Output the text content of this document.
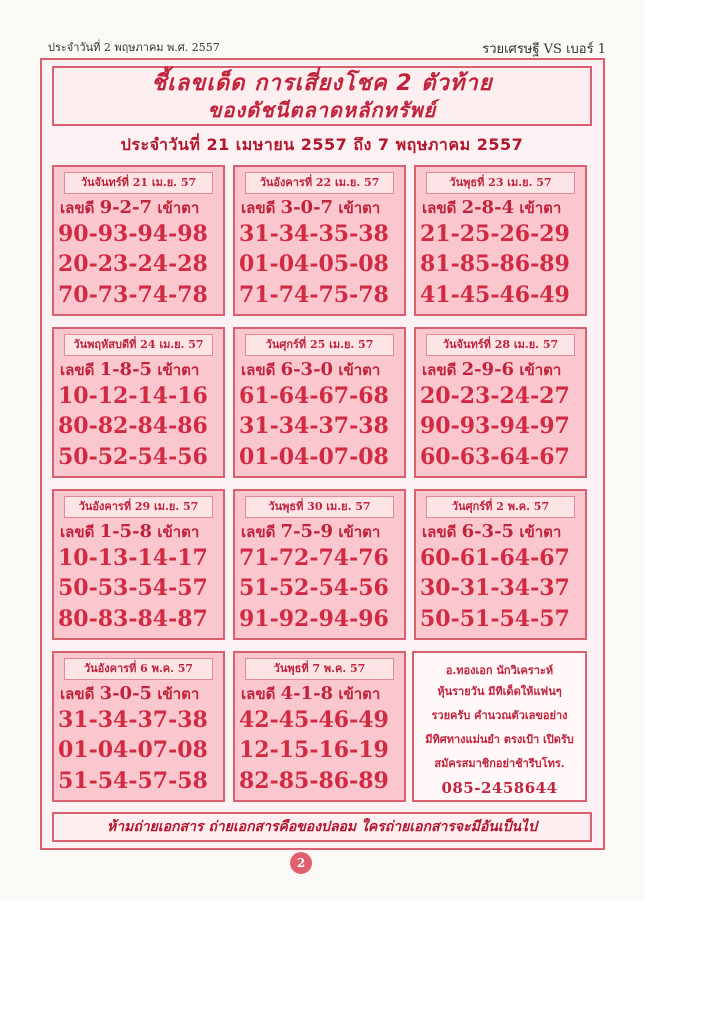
ประจำวันที่ 2 พฤษภาคม พ.ศ. 2557	รวยเศรษฐี VS เบอร์ 1
ชี้เลขเด็ด การเสี่ยงโชค 2 ตัวท้าย
ของดัชนีตลาดหลักทรัพย์
ประจำวันที่ 21 เมษายน 2557 ถึง 7 พฤษภาคม 2557
วันจันทร์ที่ 21 เม.ย. 57
เลขดี 9-2-7 เข้าตา
90-93-94-98
20-23-24-28
70-73-74-78
วันอังคารที่ 22 เม.ย. 57
เลขดี 3-0-7 เข้าตา
31-34-35-38
01-04-05-08
71-74-75-78
วันพุธที่ 23 เม.ย. 57
เลขดี 2-8-4 เข้าตา
21-25-26-29
81-85-86-89
41-45-46-49
วันพฤหัสบดีที่ 24 เม.ย. 57
เลขดี 1-8-5 เข้าตา
10-12-14-16
80-82-84-86
50-52-54-56
วันศุกร์ที่ 25 เม.ย. 57
เลขดี 6-3-0 เข้าตา
61-64-67-68
31-34-37-38
01-04-07-08
วันจันทร์ที่ 28 เม.ย. 57
เลขดี 2-9-6 เข้าตา
20-23-24-27
90-93-94-97
60-63-64-67
วันอังคารที่ 29 เม.ย. 57
เลขดี 1-5-8 เข้าตา
10-13-14-17
50-53-54-57
80-83-84-87
วันพุธที่ 30 เม.ย. 57
เลขดี 7-5-9 เข้าตา
71-72-74-76
51-52-54-56
91-92-94-96
วันศุกร์ที่ 2 พ.ค. 57
เลขดี 6-3-5 เข้าตา
60-61-64-67
30-31-34-37
50-51-54-57
วันอังคารที่ 6 พ.ค. 57
เลขดี 3-0-5 เข้าตา
31-34-37-38
01-04-07-08
51-54-57-58
วันพุธที่ 7 พ.ค. 57
เลขดี 4-1-8 เข้าตา
42-45-46-49
12-15-16-19
82-85-86-89
อ.ทองเอก นักวิเคราะห์
หุ้นรายวัน มีทีเด็ดให้แฟนๆ
รวยครับ คำนวณตัวเลขอย่าง
มีทิศทางแม่นยำ ตรงเป้า เปิดรับ
สมัครสมาชิกอย่าช้ารีบโทร.
085-2458644
ห้ามถ่ายเอกสาร ถ่ายเอกสารคือของปลอม ใครถ่ายเอกสารจะมีอันเป็นไป
2
